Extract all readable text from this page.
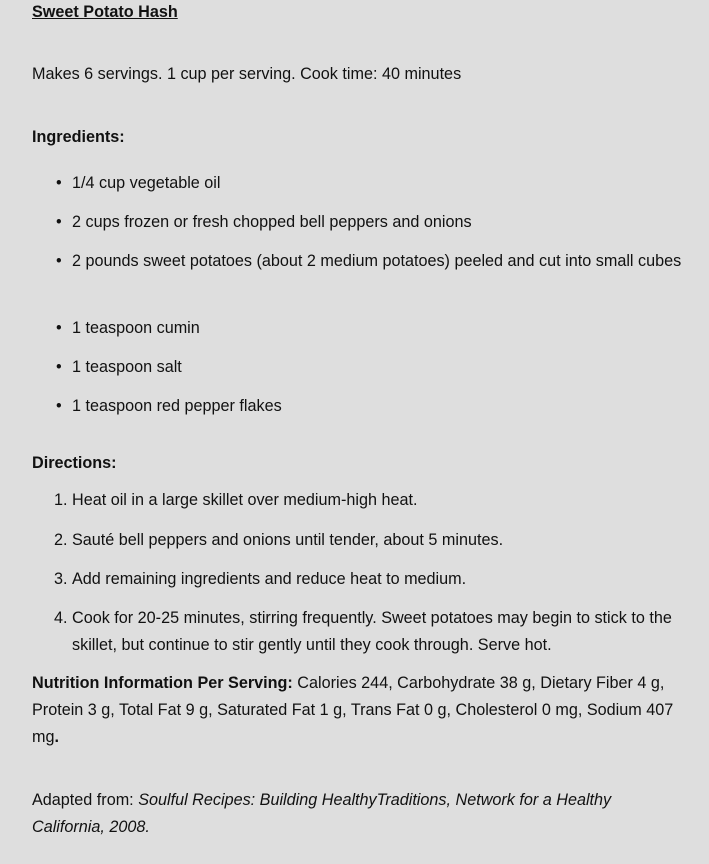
Sweet Potato Hash
Makes 6 servings. 1 cup per serving. Cook time: 40 minutes
Ingredients:
• 1/4 cup vegetable oil
• 2 cups frozen or fresh chopped bell peppers and onions
• 2 pounds sweet potatoes (about 2 medium potatoes) peeled and cut into small cubes
• 1 teaspoon cumin
• 1 teaspoon salt
• 1 teaspoon red pepper flakes
Directions:
1. Heat oil in a large skillet over medium-high heat.
2. Sauté bell peppers and onions until tender, about 5 minutes.
3. Add remaining ingredients and reduce heat to medium.
4. Cook for 20-25 minutes, stirring frequently. Sweet potatoes may begin to stick to the skillet, but continue to stir gently until they cook through. Serve hot.
Nutrition Information Per Serving: Calories 244, Carbohydrate 38 g, Dietary Fiber 4 g, Protein 3 g, Total Fat 9 g, Saturated Fat 1 g, Trans Fat 0 g, Cholesterol 0 mg, Sodium 407 mg.
Adapted from: Soulful Recipes: Building HealthyTraditions, Network for a Healthy California, 2008.
